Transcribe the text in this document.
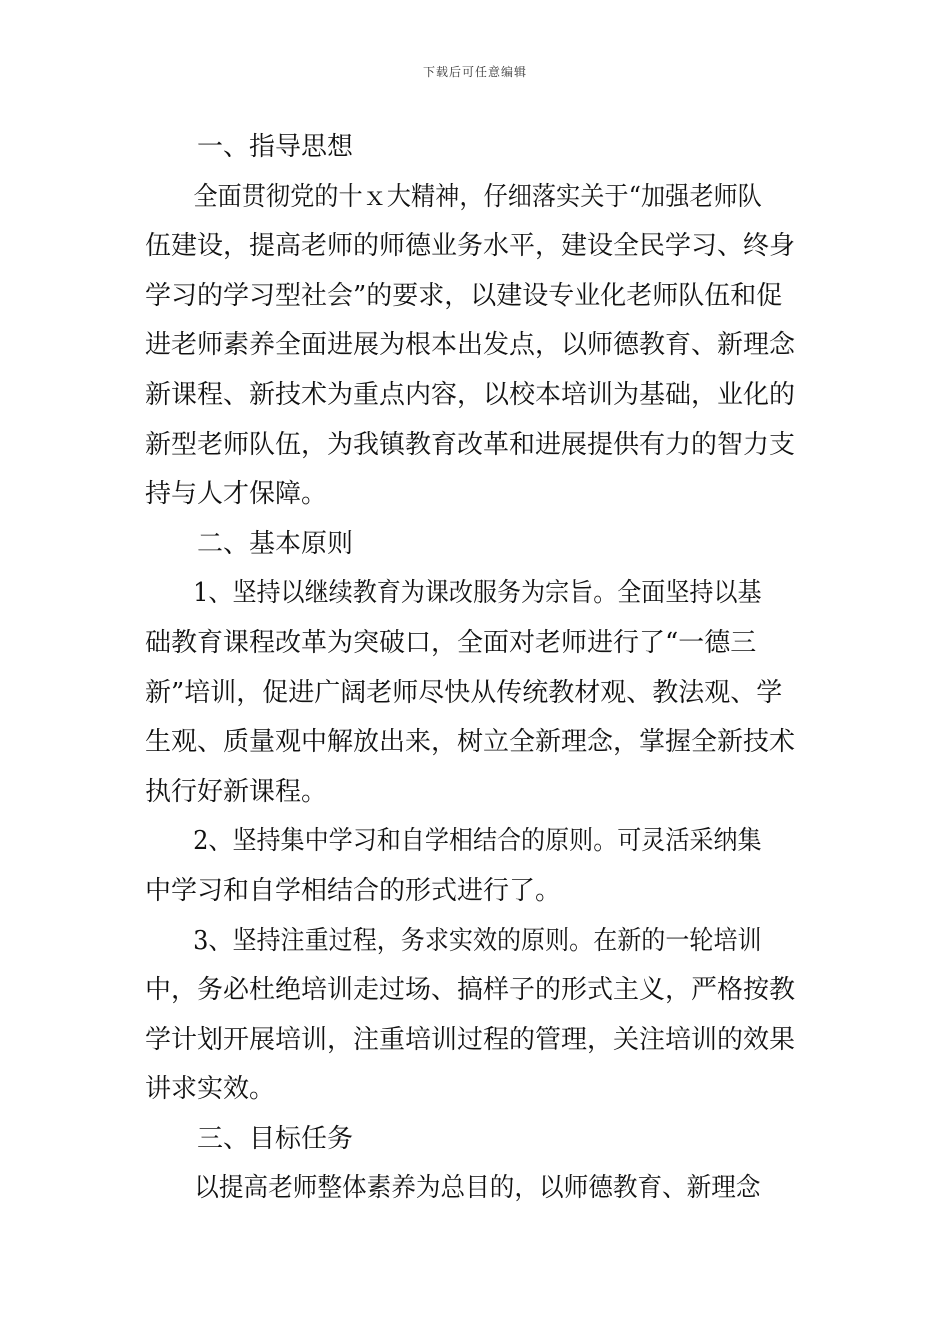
下载后可任意编辑
一、指导思想
全面贯彻党的十ｘ大精神，仔细落实关于“加强老师队
伍建设，提高老师的师德业务水平，建设全民学习、终身
学习的学习型社会”的要求，以建设专业化老师队伍和促
进老师素养全面进展为根本出发点，以师德教育、新理念
新课程、新技术为重点内容，以校本培训为基础，业化的
新型老师队伍，为我镇教育改革和进展提供有力的智力支
持与人才保障。
二、基本原则
1、坚持以继续教育为课改服务为宗旨。全面坚持以基
础教育课程改革为突破口，全面对老师进行了“一德三
新”培训，促进广阔老师尽快从传统教材观、教法观、学
生观、质量观中解放出来，树立全新理念，掌握全新技术
执行好新课程。
2、坚持集中学习和自学相结合的原则。可灵活采纳集
中学习和自学相结合的形式进行了。
3、坚持注重过程，务求实效的原则。在新的一轮培训
中，务必杜绝培训走过场、搞样子的形式主义，严格按教
学计划开展培训，注重培训过程的管理，关注培训的效果
讲求实效。
三、目标任务
以提高老师整体素养为总目的，以师德教育、新理念
